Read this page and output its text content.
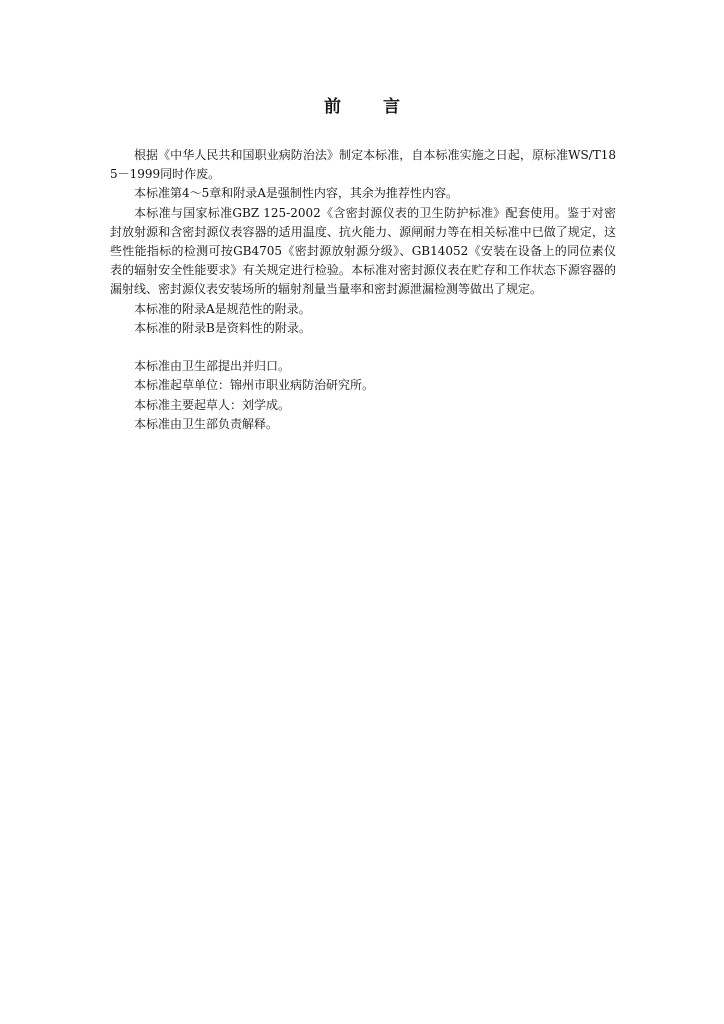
前 言

根据《中华人民共和国职业病防治法》制定本标准，自本标准实施之日起，原标准WS/T185－1999同时作废。

本标准第4～5章和附录A是强制性内容，其余为推荐性内容。

本标准与国家标准GBZ 125-2002《含密封源仪表的卫生防护标准》配套使用。鉴于对密封放射源和含密封源仪表容器的适用温度、抗火能力、源闸耐力等在相关标准中已做了规定，这些性能指标的检测可按GB4705《密封源放射源分级》、GB14052《安装在设备上的同位素仪表的辐射安全性能要求》有关规定进行检验。本标准对密封源仪表在贮存和工作状态下源容器的漏射线、密封源仪表安装场所的辐射剂量当量率和密封源泄漏检测等做出了规定。

本标准的附录A是规范性的附录。

本标准的附录B是资料性的附录。

本标准由卫生部提出并归口。

本标准起草单位：锦州市职业病防治研究所。

本标准主要起草人：刘学成。

本标准由卫生部负责解释。
